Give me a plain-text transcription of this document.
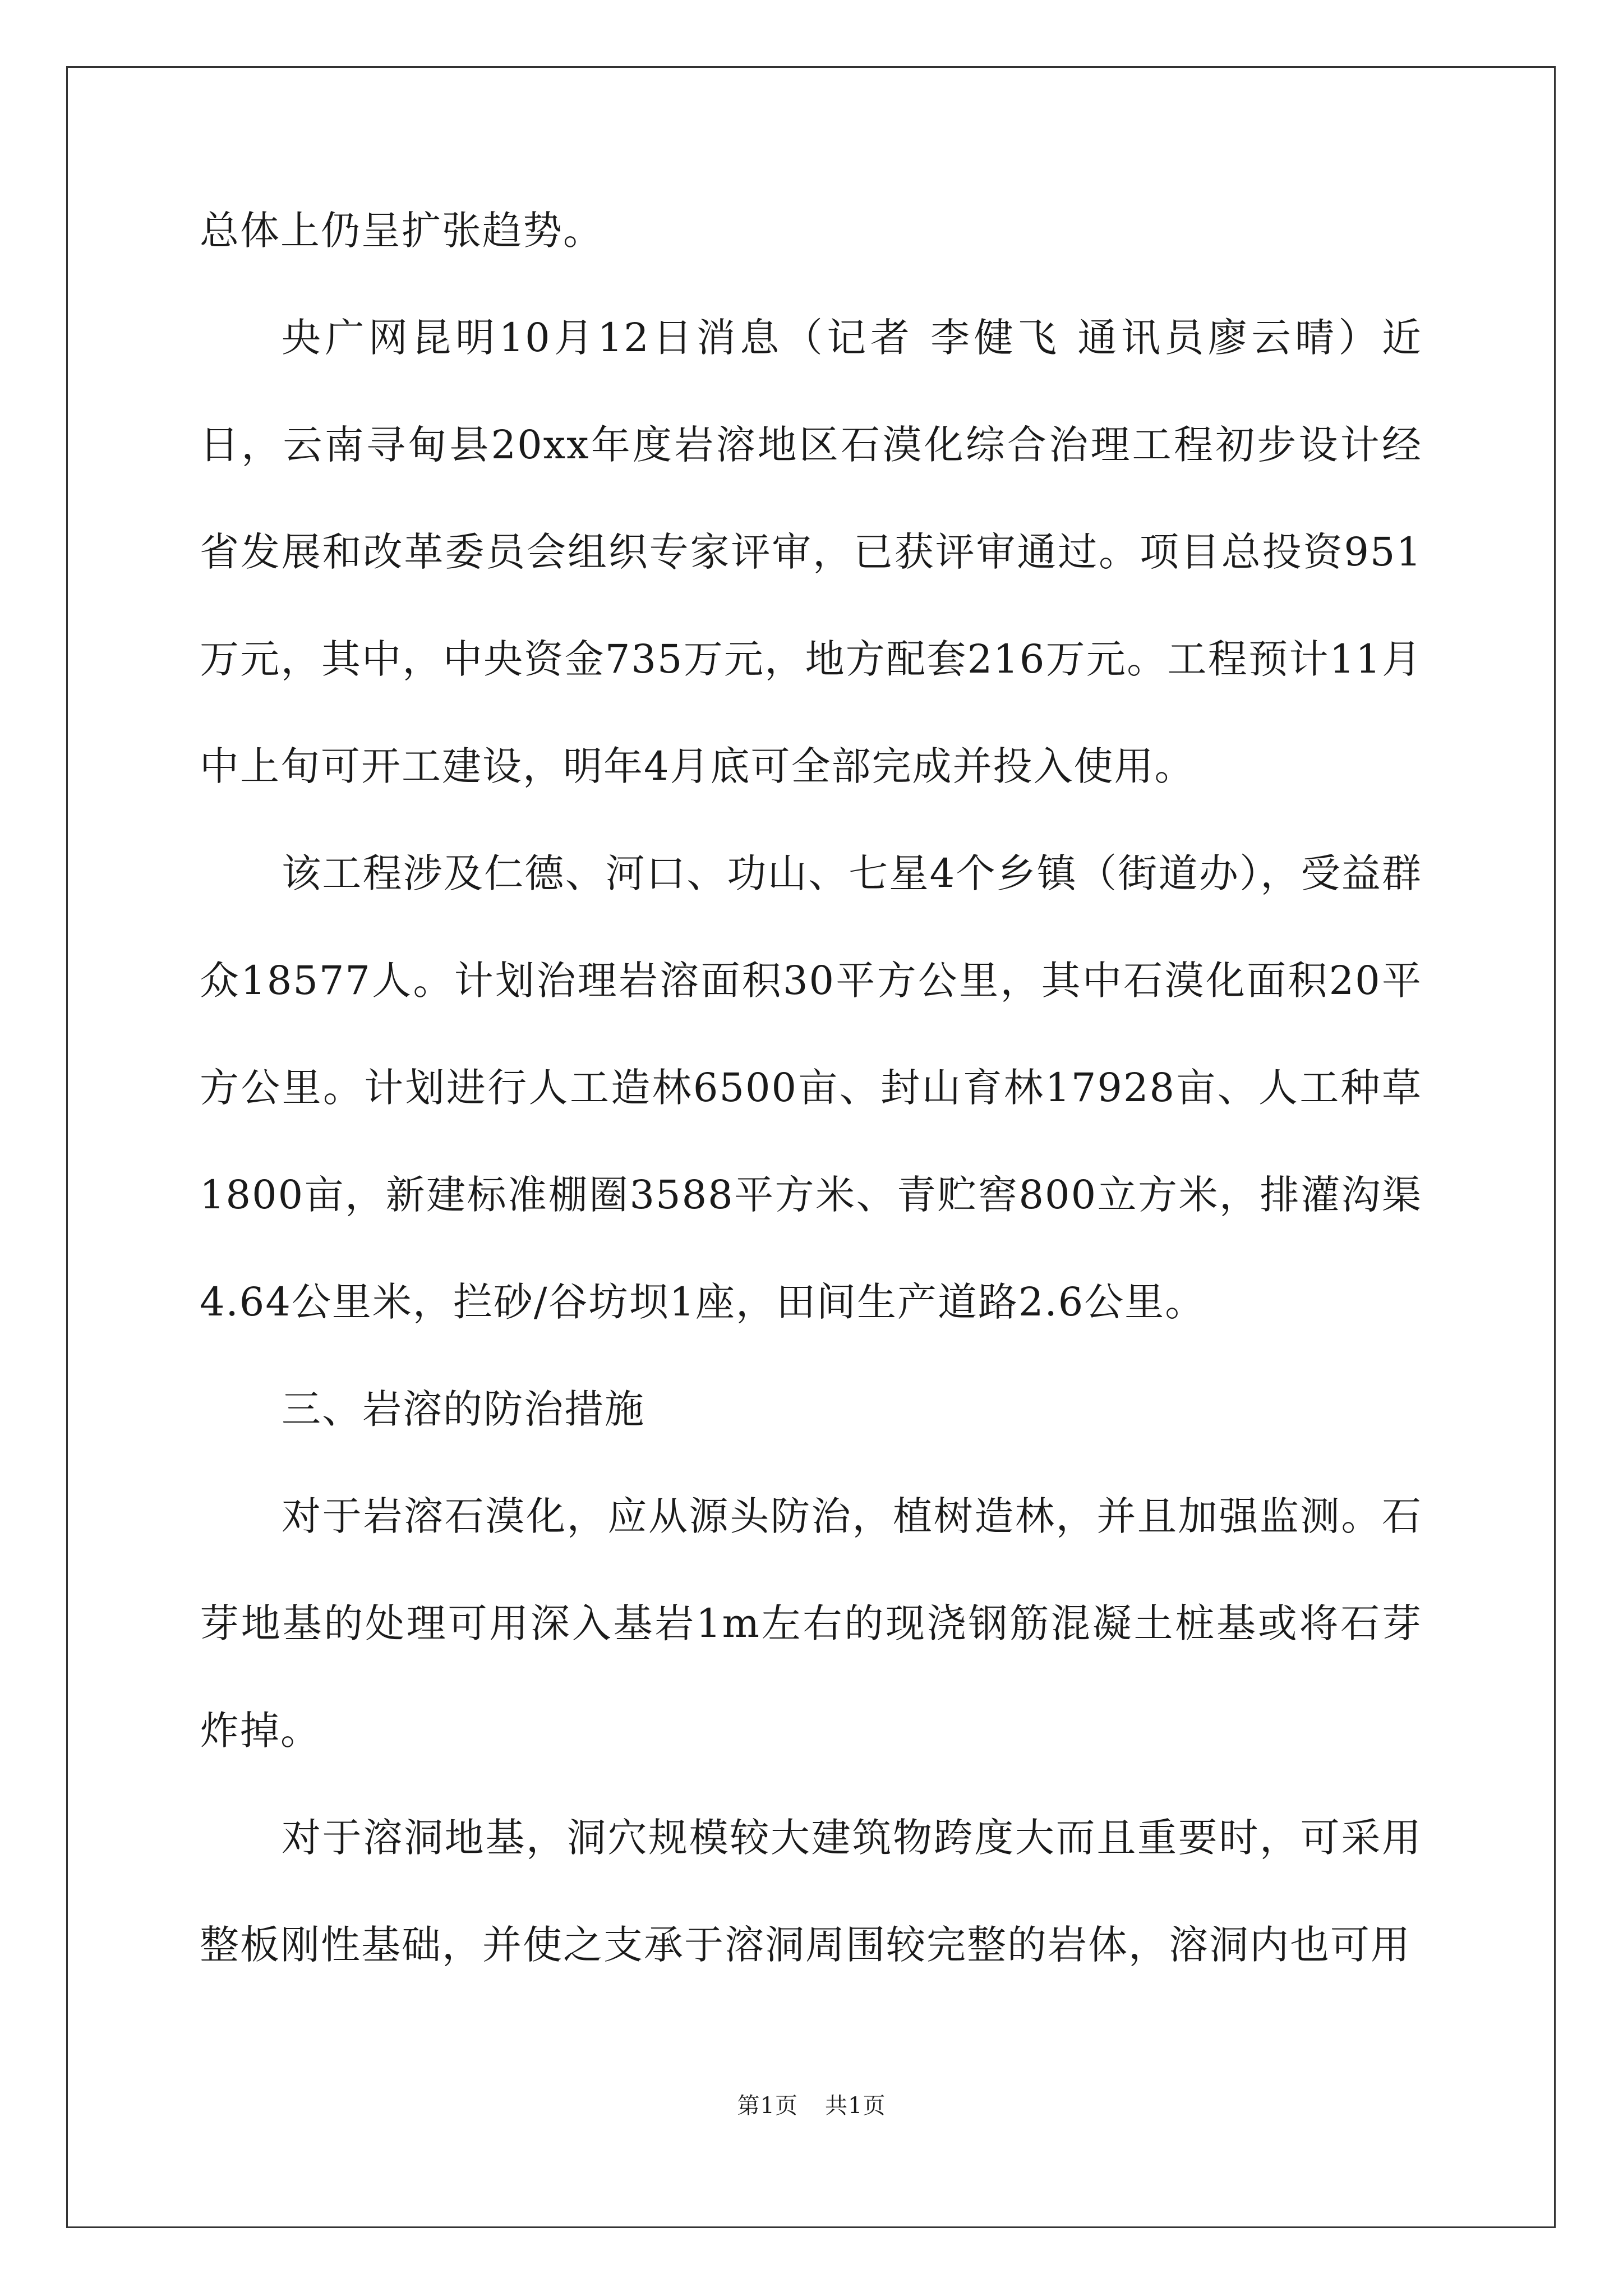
总体上仍呈扩张趋势。

央广网昆明10月12日消息（记者 李健飞 通讯员廖云晴）近日，云南寻甸县20xx年度岩溶地区石漠化综合治理工程初步设计经省发展和改革委员会组织专家评审，已获评审通过。项目总投资951万元，其中，中央资金735万元，地方配套216万元。工程预计11月中上旬可开工建设，明年4月底可全部完成并投入使用。

该工程涉及仁德、河口、功山、七星4个乡镇（街道办），受益群众18577人。计划治理岩溶面积30平方公里，其中石漠化面积20平方公里。计划进行人工造林6500亩、封山育林17928亩、人工种草1800亩，新建标准棚圈3588平方米、青贮窖800立方米，排灌沟渠4.64公里米，拦砂/谷坊坝1座，田间生产道路2.6公里。

三、岩溶的防治措施

对于岩溶石漠化，应从源头防治，植树造林，并且加强监测。石芽地基的处理可用深入基岩1m左右的现浇钢筋混凝土桩基或将石芽炸掉。

对于溶洞地基，洞穴规模较大建筑物跨度大而且重要时，可采用整板刚性基础，并使之支承于溶洞周围较完整的岩体，溶洞内也可用

第1页 共1页
